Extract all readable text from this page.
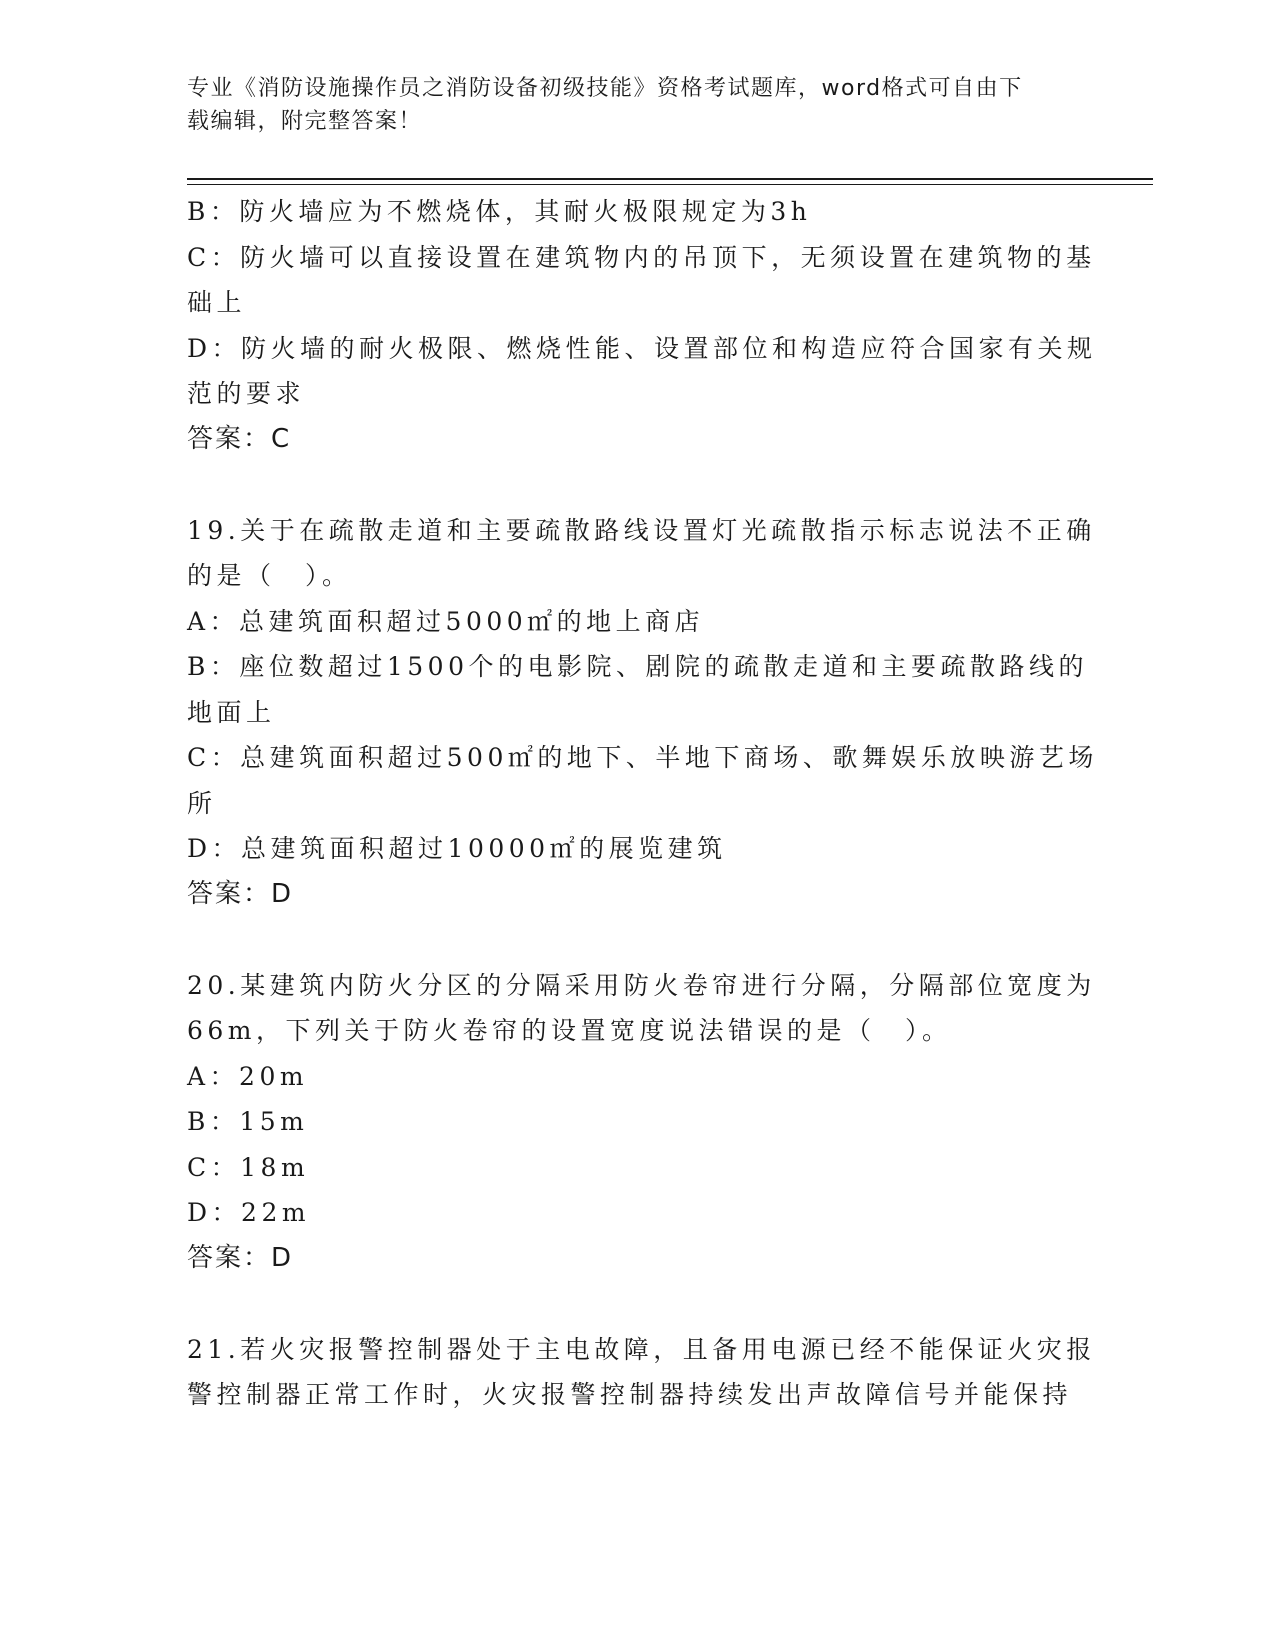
专业《消防设施操作员之消防设备初级技能》资格考试题库，word格式可自由下
载编辑，附完整答案！
B：防火墙应为不燃烧体，其耐火极限规定为3h
C：防火墙可以直接设置在建筑物内的吊顶下，无须设置在建筑物的基
础上
D：防火墙的耐火极限、燃烧性能、设置部位和构造应符合国家有关规
范的要求
答案：C
19.关于在疏散走道和主要疏散路线设置灯光疏散指示标志说法不正确
的是（　）。
A：总建筑面积超过5000㎡的地上商店
B：座位数超过1500个的电影院、剧院的疏散走道和主要疏散路线的
地面上
C：总建筑面积超过500㎡的地下、半地下商场、歌舞娱乐放映游艺场
所
D：总建筑面积超过10000㎡的展览建筑
答案：D
20.某建筑内防火分区的分隔采用防火卷帘进行分隔，分隔部位宽度为
66m，下列关于防火卷帘的设置宽度说法错误的是（　）。
A：20m
B：15m
C：18m
D：22m
答案：D
21.若火灾报警控制器处于主电故障，且备用电源已经不能保证火灾报
警控制器正常工作时，火灾报警控制器持续发出声故障信号并能保持
